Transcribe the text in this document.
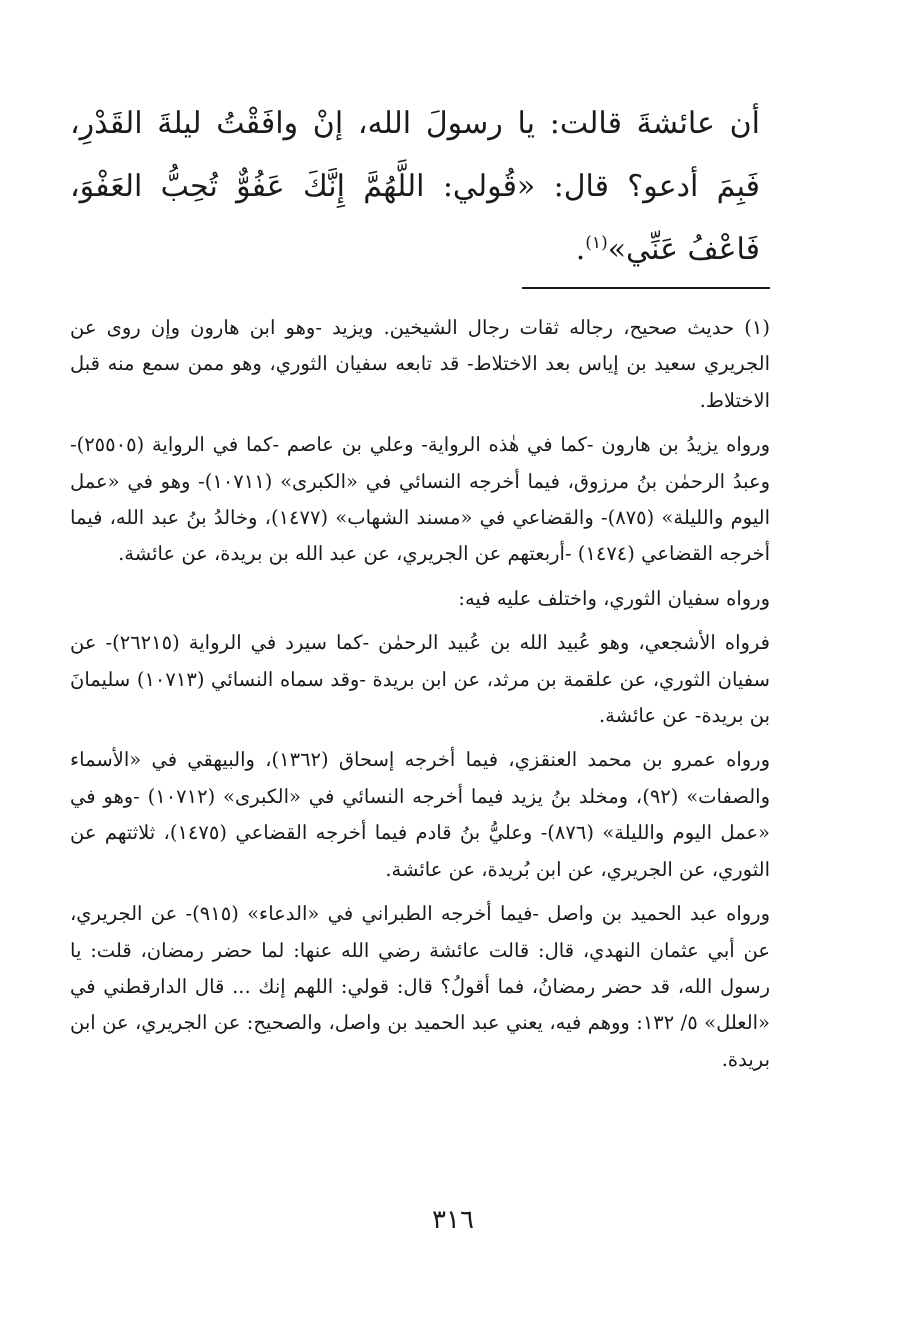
أن عائشةَ قالت: يا رسولَ الله، إنْ وافَقْتُ ليلةَ القَدْرِ، فَبِمَ أدعو؟ قال: «قُولي: اللَّهُمَّ إِنَّكَ عَفُوٌّ تُحِبُّ العَفْوَ، فَاعْفُ عَنِّي»$^{(١)}$.

(١) حديث صحيح، رجاله ثقات رجال الشيخين. ويزيد -وهو ابن هارون وإن روى عن الجريري سعيد بن إياس بعد الاختلاط- قد تابعه سفيان الثوري، وهو ممن سمع منه قبل الاختلاط.

ورواه يزيدُ بن هارون -كما في هٰذه الرواية- وعلي بن عاصم -كما في الرواية (٢٥٥٠٥)- وعبدُ الرحمٰن بنُ مرزوق، فيما أخرجه النسائي في «الكبرى» (١٠٧١١)- وهو في «عمل اليوم والليلة» (٨٧٥)- والقضاعي في «مسند الشهاب» (١٤٧٧)، وخالدُ بنُ عبد الله، فيما أخرجه القضاعي (١٤٧٤) -أربعتهم عن الجريري، عن عبد الله بن بريدة، عن عائشة.

ورواه سفيان الثوري، واختلف عليه فيه:

فرواه الأشجعي، وهو عُبيد الله بن عُبيد الرحمٰن -كما سيرد في الرواية (٢٦٢١٥)- عن سفيان الثوري، عن علقمة بن مرثد، عن ابن بريدة -وقد سماه النسائي (١٠٧١٣) سليمانَ بن بريدة- عن عائشة.

ورواه عمرو بن محمد العنقزي، فيما أخرجه إسحاق (١٣٦٢)، والبيهقي في «الأسماء والصفات» (٩٢)، ومخلد بنُ يزيد فيما أخرجه النسائي في «الكبرى» (١٠٧١٢) -وهو في «عمل اليوم والليلة» (٨٧٦)- وعليُّ بنُ قادم فيما أخرجه القضاعي (١٤٧٥)، ثلاثتهم عن الثوري، عن الجريري، عن ابن بُريدة، عن عائشة.

ورواه عبد الحميد بن واصل -فيما أخرجه الطبراني في «الدعاء» (٩١٥)- عن الجريري، عن أبي عثمان النهدي، قال: قالت عائشة رضي الله عنها: لما حضر رمضان، قلت: يا رسول الله، قد حضر رمضانُ، فما أقولُ؟ قال: قولي: اللهم إنك ... قال الدارقطني في «العلل» ٥/ ١٣٢: ووهم فيه، يعني عبد الحميد بن واصل، والصحيح: عن الجريري، عن ابن بريدة.

٣١٦
